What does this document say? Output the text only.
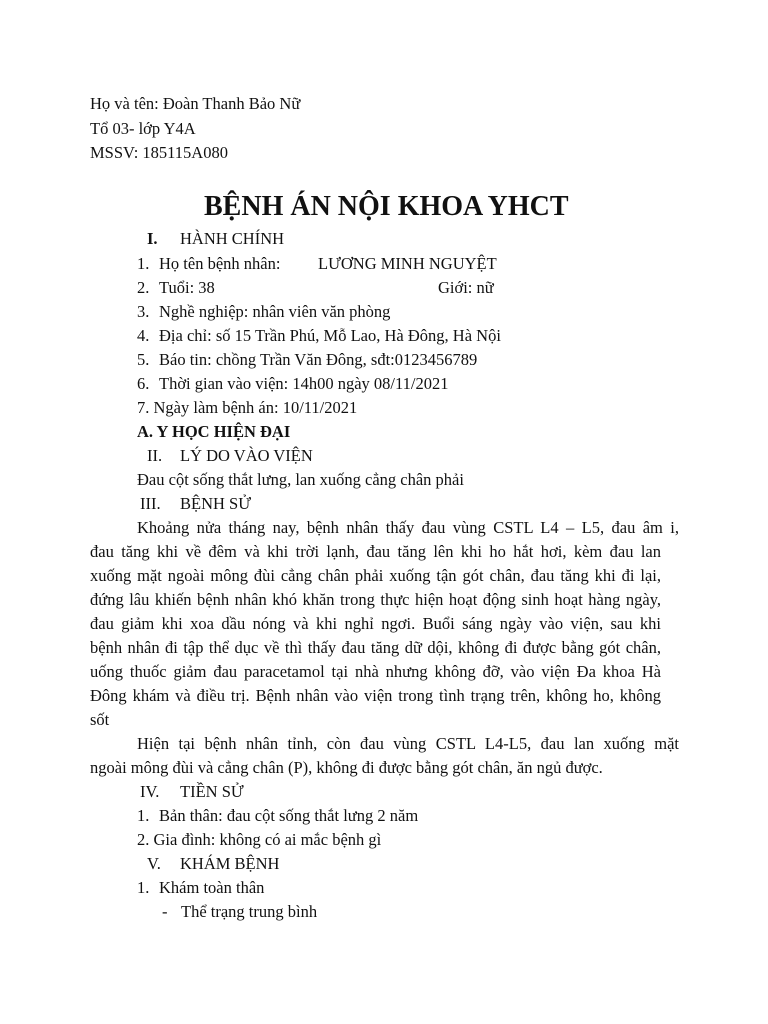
Họ và tên: Đoàn Thanh Bảo Nữ
Tổ 03- lớp Y4A
MSSV: 185115A080
BỆNH ÁN NỘI KHOA YHCT
I. HÀNH CHÍNH
1. Họ tên bệnh nhân: LƯƠNG MINH NGUYỆT
2. Tuổi: 38	Giới: nữ
3. Nghề nghiệp: nhân viên văn phòng
4. Địa chỉ: số 15 Trần Phú, Mỗ Lao, Hà Đông, Hà Nội
5. Báo tin: chồng Trần Văn Đông, sđt:0123456789
6. Thời gian vào viện: 14h00 ngày 08/11/2021
7. Ngày làm bệnh án: 10/11/2021
A. Y HỌC HIỆN ĐẠI
II. LÝ DO VÀO VIỆN
Đau cột sống thắt lưng, lan xuống cẳng chân phải
III. BỆNH SỬ
Khoảng nửa tháng nay, bệnh nhân thấy đau vùng CSTL L4 – L5, đau âm i,
đau tăng khi về đêm và khi trời lạnh, đau tăng lên khi ho hắt hơi, kèm đau lan
xuống mặt ngoài mông đùi cẳng chân phải xuống tận gót chân, đau tăng khi đi lại,
đứng lâu khiến bệnh nhân khó khăn trong thực hiện hoạt động sinh hoạt hàng ngày,
đau giảm khi xoa dầu nóng và khi nghỉ ngơi. Buổi sáng ngày vào viện, sau khi
bệnh nhân đi tập thể dục về thì thấy đau tăng dữ dội, không đi được bằng gót chân,
uống thuốc giảm đau paracetamol tại nhà nhưng không đỡ, vào viện Đa khoa Hà
Đông khám và điều trị. Bệnh nhân vào viện trong tình trạng trên, không ho, không
sốt
Hiện tại bệnh nhân tỉnh, còn đau vùng CSTL L4-L5, đau lan xuống mặt
ngoài mông đùi và cẳng chân (P), không đi được bằng gót chân, ăn ngủ được.
IV. TIỀN SỬ
1. Bản thân: đau cột sống thắt lưng 2 năm
2. Gia đình: không có ai mắc bệnh gì
V. KHÁM BỆNH
1. Khám toàn thân
- Thể trạng trung bình
